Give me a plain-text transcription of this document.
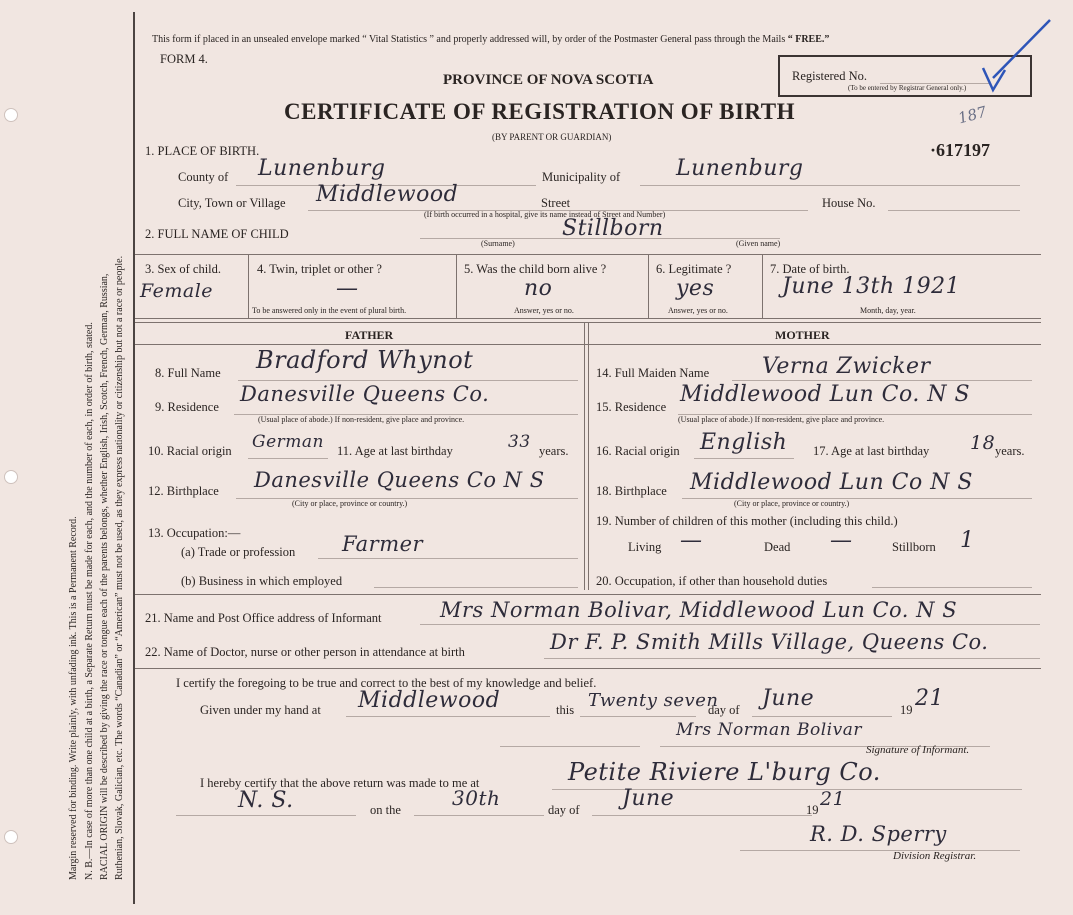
Margin reserved for binding. Write plainly, with unfading ink. This is a Permanent Record. N. B.—In case of more than one child at a birth, a Separate Return must be made for each, and the number of each, in order of birth, stated. RACIAL ORIGIN will be described by giving the race or tongue each of the parents belongs, whether English, Irish, Scotch, French, German, Russian, Ruthenian, Slovak, Galician, etc. The words “Canadian” or “American” must not be used, as they express nationality or citizenship but not a race or people.
This form if placed in an unsealed envelope marked “ Vital Statistics ” and properly addressed will, by order of the Postmaster General pass through the Mails “ FREE.”
FORM 4.
PROVINCE OF NOVA SCOTIA
CERTIFICATE OF REGISTRATION OF BIRTH
(BY PARENT OR GUARDIAN)
Registered No.
(To be entered by Registrar General only.)
187
·617197
1. PLACE OF BIRTH.
County of Lunenburg	Municipality of	Lunenburg
City, Town or Village Middlewood	Street	House No.
(If birth occurred in a hospital, give its name instead of Street and Number)
2. FULL NAME OF CHILD	Stillborn
(Surname)	(Given name)
3. Sex of child.
Female
4. Twin, triplet or other ?
—
To be answered only in the event of plural birth.
5. Was the child born alive ?
no
Answer, yes or no.
6. Legitimate ?
yes
Answer, yes or no.
7. Date of birth.
June 13th 1921
Month, day, year.
FATHER	MOTHER
8. Full Name Bradford Whynot
9. Residence
Danesville Queens Co.
(Usual place of abode.) If non-resident, give place and province.
10. Racial origin German 11. Age at last birthday	33 years.
12. Birthplace Danesville Queens Co N S
(City or place, province or country.)
13. Occupation:—
(a) Trade or profession Farmer
(b) Business in which employed
14. Full Maiden Name Verna Zwicker
15. Residence Middlewood Lun Co. N S
(Usual place of abode.) If non-resident, give place and province.
16. Racial origin English 17. Age at last birthday 18 years.
18. Birthplace Middlewood Lun Co N S
(City or place, province or country.)
19. Number of children of this mother (including this child.)
Living —	Dead —	Stillborn 1
20. Occupation, if other than household duties
21. Name and Post Office address of Informant	Mrs Norman Bolivar, Middlewood Lun Co. N S
22. Name of Doctor, nurse or other person in attendance at birth	Dr F. P. Smith Mills Village, Queens Co.
I certify the foregoing to be true and correct to the best of my knowledge and belief.
Given under my hand at Middlewood	this Twenty seven
day of June	19 21
Mrs Norman Bolivar
Signature of Informant.
I hereby certify that the above return was made to me at	Petite Riviere L'burg Co.
N. S.	on the	30th	day of June	19 21
R. D. Sperry
Division Registrar.
